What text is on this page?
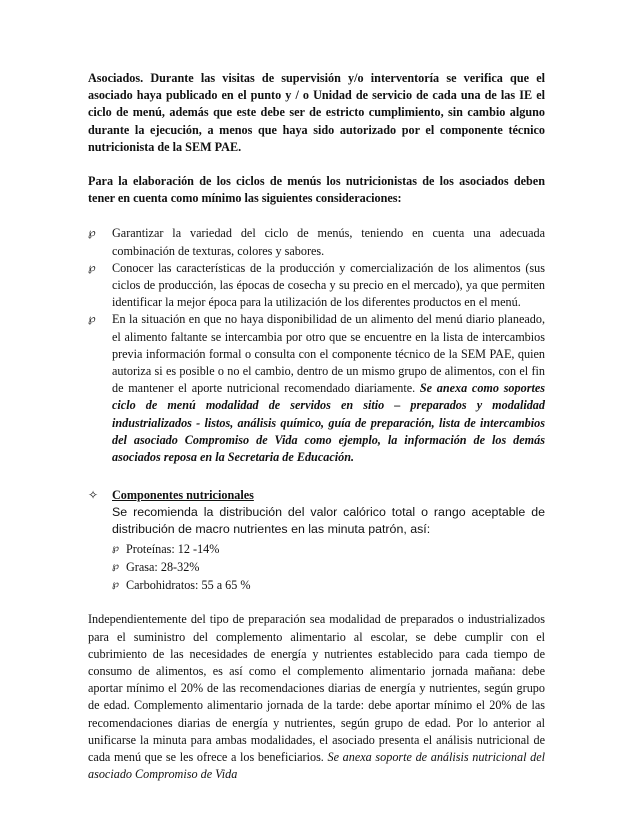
Asociados. Durante las visitas de supervisión y/o interventoría se verifica que el asociado haya publicado en el punto y / o Unidad de servicio de cada una de las IE el ciclo de menú, además que este debe ser de estricto cumplimiento, sin cambio alguno durante la ejecución, a menos que haya sido autorizado por el componente técnico nutricionista de la SEM PAE.

Para la elaboración de los ciclos de menús los nutricionistas de los asociados deben tener en cuenta como mínimo las siguientes consideraciones:

℘	Garantizar la variedad del ciclo de menús, teniendo en cuenta una adecuada combinación de texturas, colores y sabores.
℘	Conocer las características de la producción y comercialización de los alimentos (sus ciclos de producción, las épocas de cosecha y su precio en el mercado), ya que permiten identificar la mejor época para la utilización de los diferentes productos en el menú.
℘	En la situación en que no haya disponibilidad de un alimento del menú diario planeado, el alimento faltante se intercambia por otro que se encuentre en la lista de intercambios previa información formal o consulta con el componente técnico de la SEM PAE, quien autoriza si es posible o no el cambio, dentro de un mismo grupo de alimentos, con el fin de mantener el aporte nutricional recomendado diariamente. Se anexa como soportes ciclo de menú modalidad de servidos en sitio – preparados y modalidad industrializados - listos, análisis químico, guía de preparación, lista de intercambios del asociado Compromiso de Vida como ejemplo, la información de los demás asociados reposa en la Secretaria de Educación.
✧	Componentes nutricionales
Se recomienda la distribución del valor calórico total o rango aceptable de distribución de macro nutrientes en las minuta patrón, así:
℘ Proteínas: 12 -14%
℘ Grasa: 28-32%
℘ Carbohidratos: 55 a 65 %

Independientemente del tipo de preparación sea modalidad de preparados o industrializados para el suministro del complemento alimentario al escolar, se debe cumplir con el cubrimiento de las necesidades de energía y nutrientes establecido para cada tiempo de consumo de alimentos, es así como el complemento alimentario jornada mañana: debe aportar mínimo el 20% de las recomendaciones diarias de energía y nutrientes, según grupo de edad. Complemento alimentario jornada de la tarde: debe aportar mínimo el 20% de las recomendaciones diarias de energía y nutrientes, según grupo de edad. Por lo anterior al unificarse la minuta para ambas modalidades, el asociado presenta el análisis nutricional de cada menú que se les ofrece a los beneficiarios. Se anexa soporte de análisis nutricional del asociado Compromiso de Vida
